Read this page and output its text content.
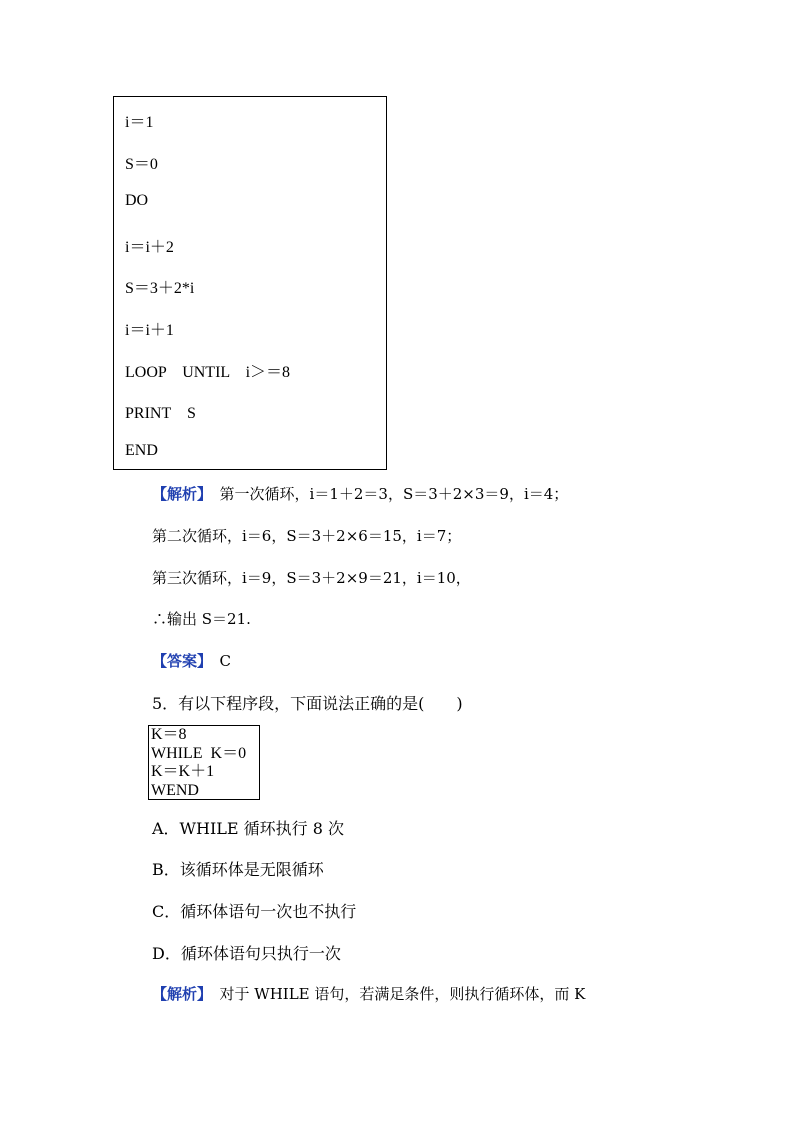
i＝1
S＝0
DO
i＝i＋2
S＝3＋2*i
i＝i＋1
LOOP　UNTIL　i＞＝8
PRINT　S
END
【解析】　第一次循环，i＝1＋2＝3，S＝3＋2×3＝9，i＝4；
第二次循环，i＝6，S＝3＋2×6＝15，i＝7；
第三次循环，i＝9，S＝3＋2×9＝21，i＝10，
∴输出 S＝21.
【答案】　C
5．有以下程序段，下面说法正确的是(　　)
K＝8
WHILE  K＝0
K＝K＋1
WEND
A．WHILE 循环执行 8 次
B．该循环体是无限循环
C．循环体语句一次也不执行
D．循环体语句只执行一次
【解析】　对于 WHILE 语句，若满足条件，则执行循环体，而 K
